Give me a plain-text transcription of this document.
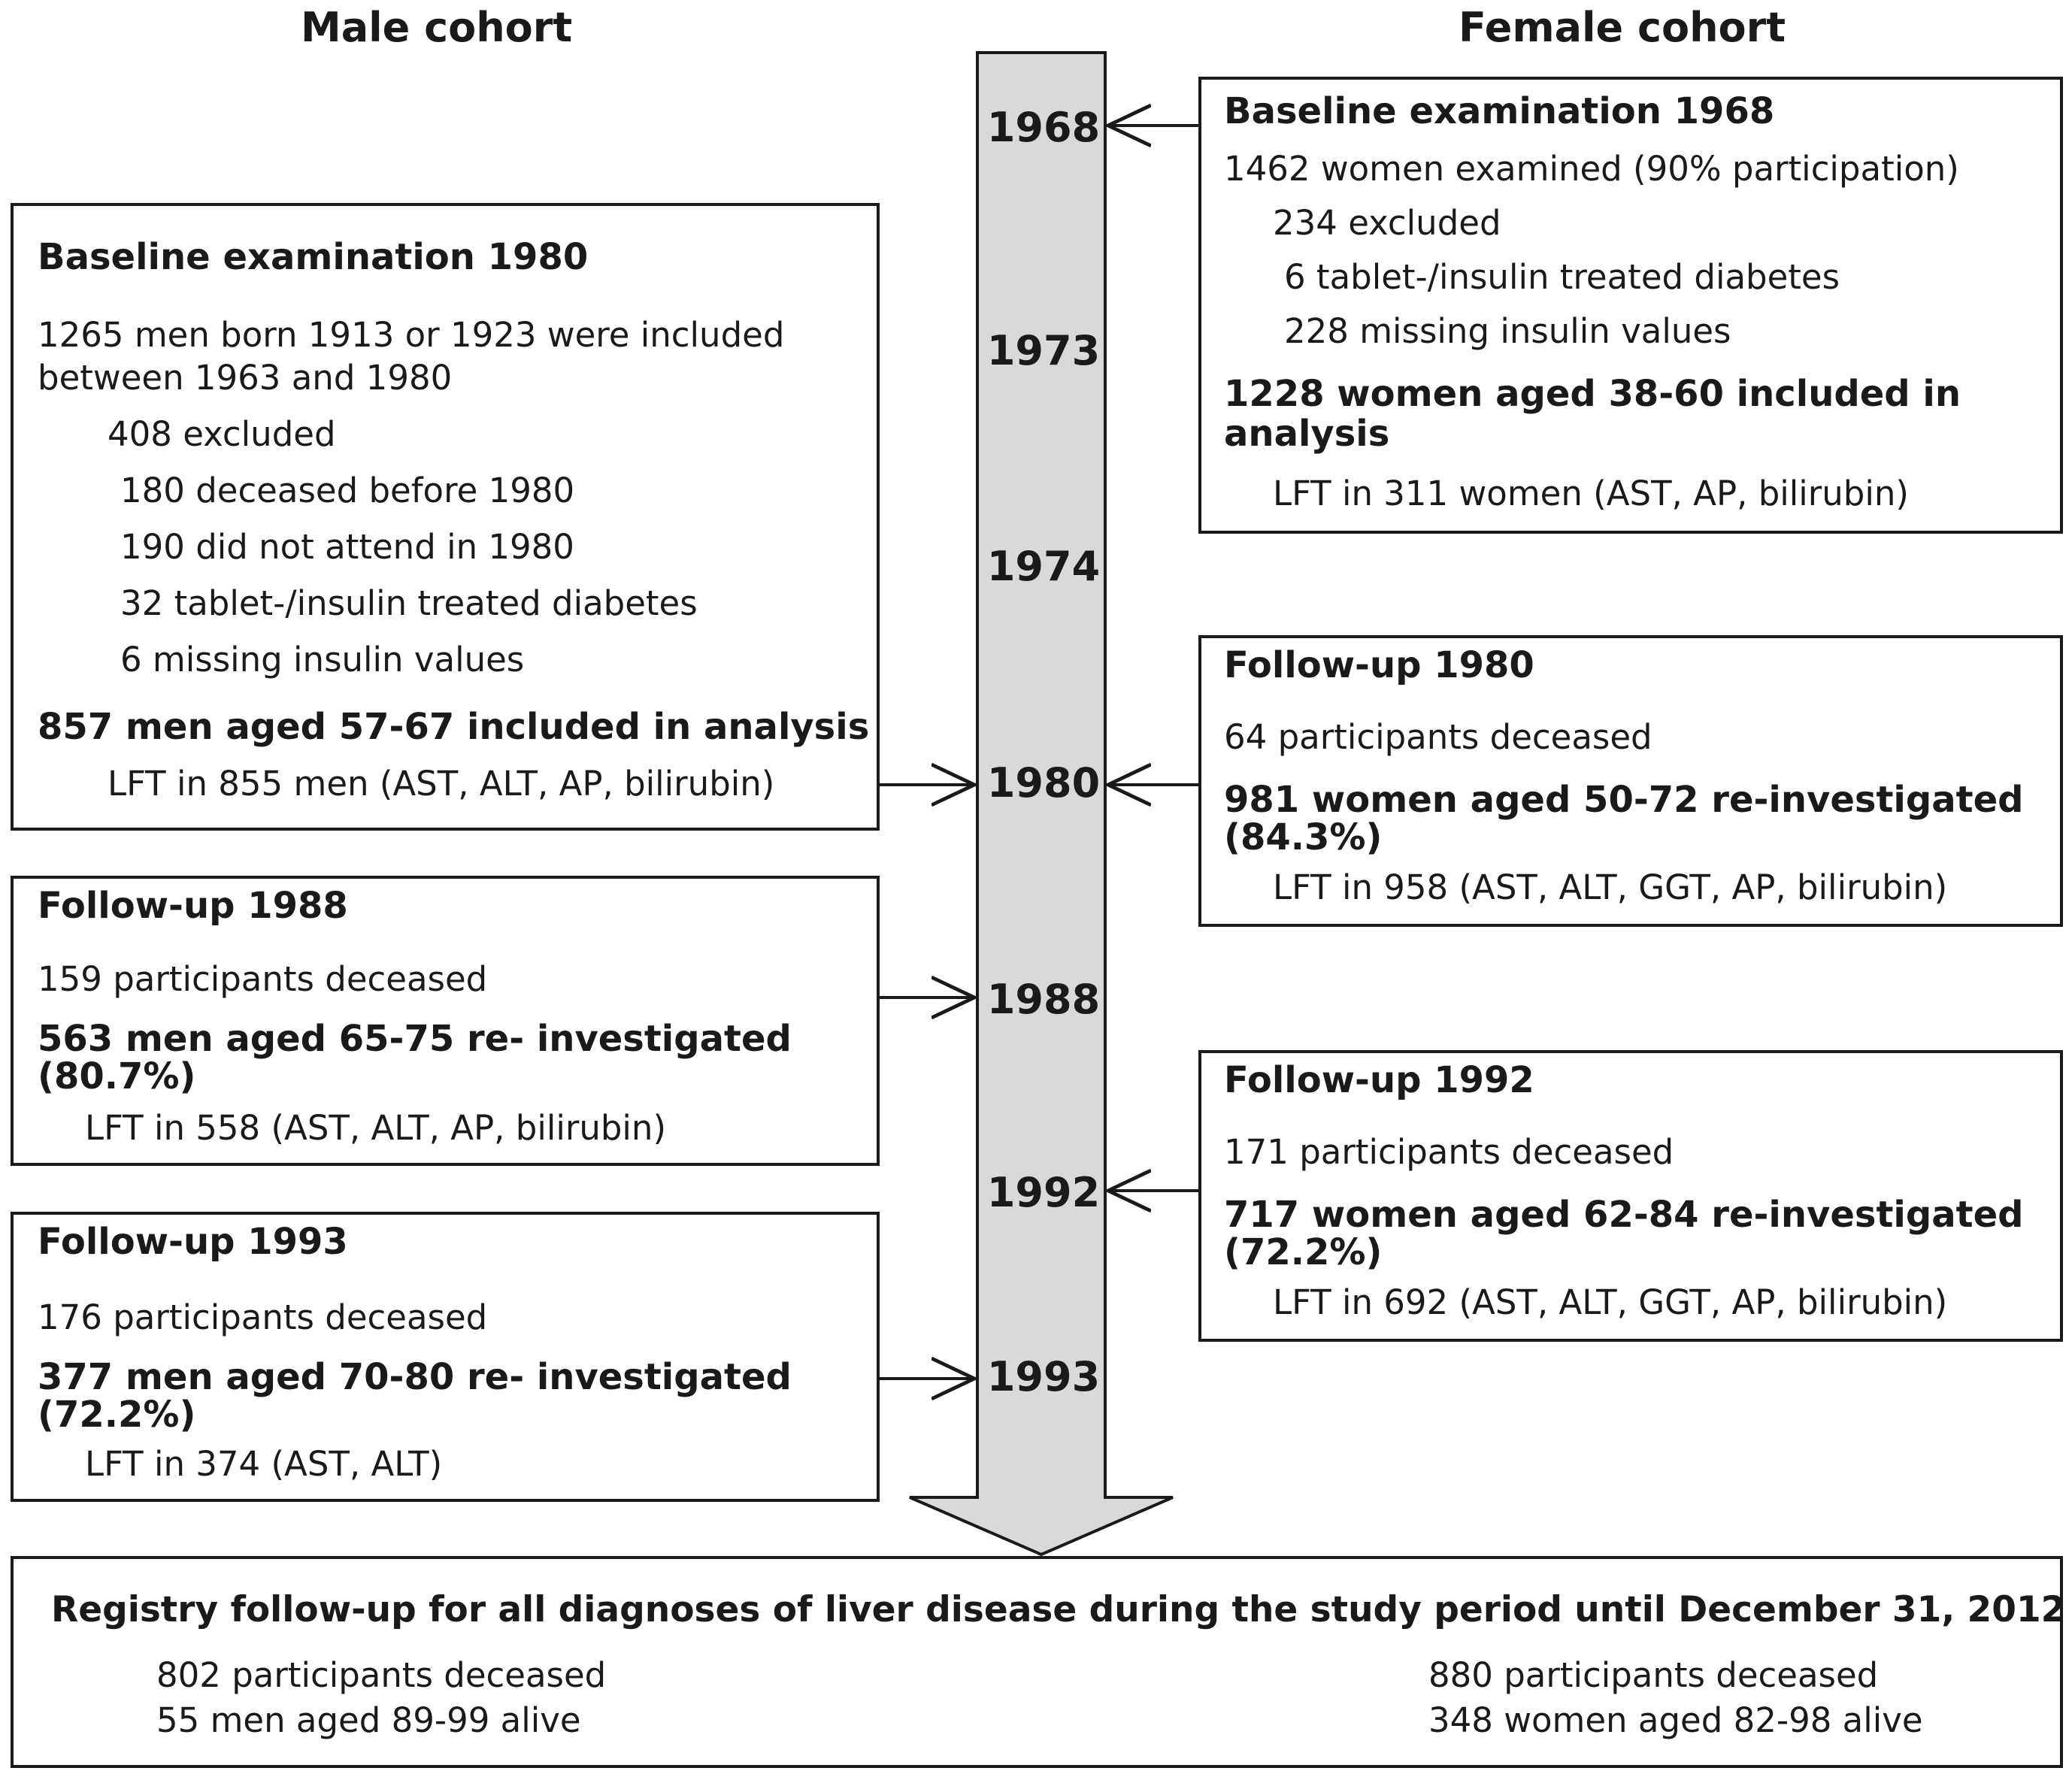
Male cohort	Female cohort
1968
1973
1974
1980
1988
1992
1993
Baseline examination 1980
1265 men born 1913 or 1923 were included
between 1963 and 1980
408 excluded
180 deceased before 1980
190 did not attend in 1980
32 tablet-/insulin treated diabetes
6 missing insulin values
857 men aged 57-67 included in analysis
LFT in 855 men (AST, ALT, AP, bilirubin)
Follow-up 1988
159 participants deceased
563 men aged 65-75 re- investigated
(80.7%)
LFT in 558 (AST, ALT, AP, bilirubin)
Follow-up 1993
176 participants deceased
377 men aged 70-80 re- investigated
(72.2%)
LFT in 374 (AST, ALT)
Baseline examination 1968
1462 women examined (90% participation)
234 excluded
6 tablet-/insulin treated diabetes
228 missing insulin values
1228 women aged 38-60 included in
analysis
LFT in 311 women (AST, AP, bilirubin)
Follow-up 1980
64 participants deceased
981 women aged 50-72 re-investigated
(84.3%)
LFT in 958 (AST, ALT, GGT, AP, bilirubin)
Follow-up 1992
171 participants deceased
717 women aged 62-84 re-investigated
(72.2%)
LFT in 692 (AST, ALT, GGT, AP, bilirubin)
Registry follow-up for all diagnoses of liver disease during the study period until December 31, 2012
802 participants deceased
55 men aged 89-99 alive
880 participants deceased
348 women aged 82-98 alive
